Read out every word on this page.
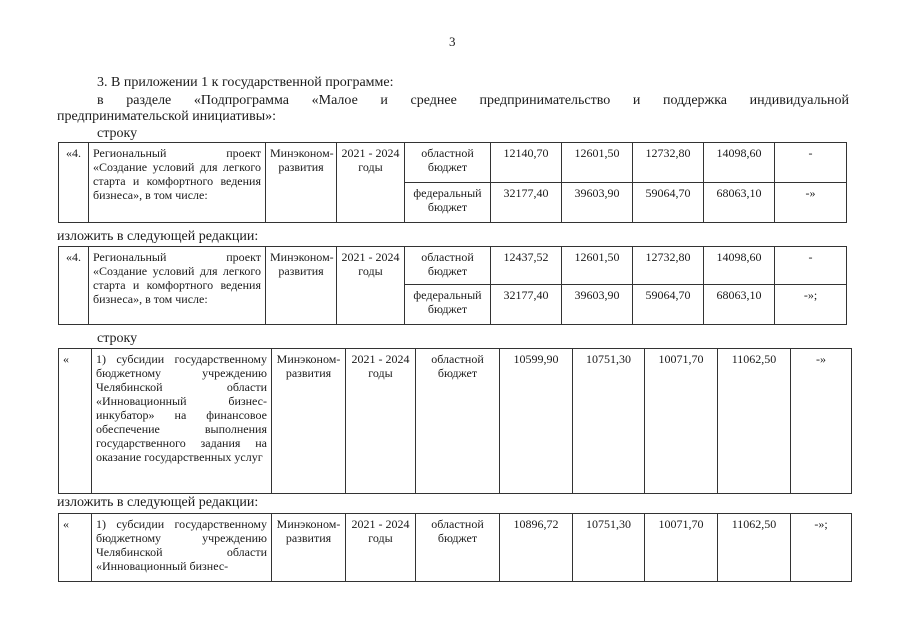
3
3. В приложении 1 к государственной программе:
в разделе «Подпрограмма «Малое и среднее предпринимательство и поддержка индивидуальной
предпринимательской инициативы»:
строку
«4.	Региональный проект «Создание условий для легкого старта и комфортного ведения бизнеса», в том числе:	Минэконом-развития	2021 - 2024 годы	областной бюджет	12140,70	12601,50	12732,80	14098,60	-
				федеральный бюджет	32177,40	39603,90	59064,70	68063,10	-»
изложить в следующей редакции:
«4.	Региональный проект «Создание условий для легкого старта и комфортного ведения бизнеса», в том числе:	Минэконом-развития	2021 - 2024 годы	областной бюджет	12437,52	12601,50	12732,80	14098,60	-
				федеральный бюджет	32177,40	39603,90	59064,70	68063,10	-»;
строку
«	1) субсидии государственному бюджетному учреждению Челябинской области «Инновационный бизнес-инкубатор» на финансовое обеспечение выполнения государственного задания на оказание государственных услуг	Минэконом-развития	2021 - 2024 годы	областной бюджет	10599,90	10751,30	10071,70	11062,50	-»
изложить в следующей редакции:
«	1) субсидии государственному бюджетному учреждению Челябинской области «Инновационный бизнес-	Минэконом-развития	2021 - 2024 годы	областной бюджет	10896,72	10751,30	10071,70	11062,50	-»;
